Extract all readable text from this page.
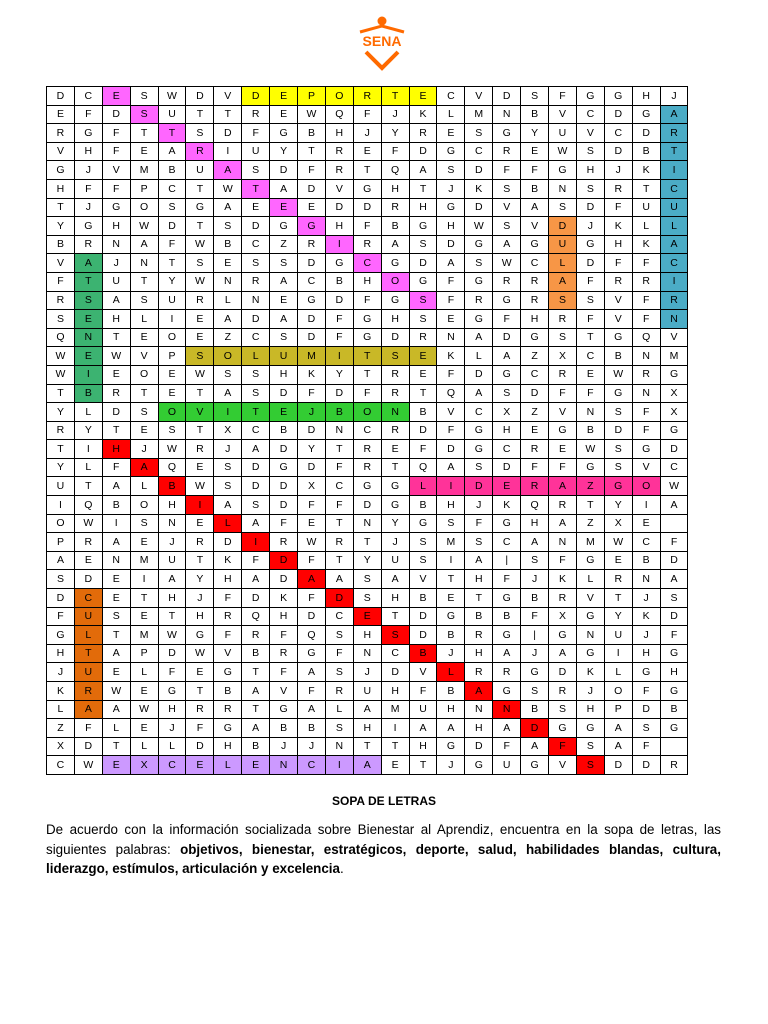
SENA
D	C	E	S	W	D	V	D	E	P	O	R	T	E	C	V	D	S	F	G	G	H	J
E	F	D	S	U	T	T	R	E	W	Q	F	J	K	L	M	N	B	V	C	D	G	A
R	G	F	T	T	S	D	F	G	B	H	J	Y	R	E	S	G	Y	U	V	C	D	R
V	H	F	E	A	R	I	U	Y	T	R	E	F	D	G	C	R	E	W	S	D	B	T
G	J	V	M	B	U	A	S	D	F	R	T	Q	A	S	D	F	F	G	H	J	K	I
H	F	F	P	C	T	W	T	A	D	V	G	H	T	J	K	S	B	N	S	R	T	C
T	J	G	O	S	G	A	E	E	E	D	D	R	H	G	D	V	A	S	D	F	U	U
Y	G	H	W	D	T	S	D	G	G	H	F	B	G	H	W	S	V	D	J	K	L	L
B	R	N	A	F	W	B	C	Z	R	I	R	A	S	D	G	A	G	U	G	H	K	A
V	A	J	N	T	S	E	S	S	D	G	C	G	D	A	S	W	C	L	D	F	F	C
F	T	U	T	Y	W	N	R	A	C	B	H	O	G	F	G	R	R	A	F	R	R	I
R	S	A	S	U	R	L	N	E	G	D	F	G	S	F	R	G	R	S	S	V	F	R
S	E	H	L	I	E	A	D	A	D	F	G	H	S	E	G	F	H	R	F	V	F	N
Q	N	T	E	O	E	Z	C	S	D	F	G	D	R	N	A	D	G	S	T	G	Q	V
W	E	W	V	P	S	O	L	U	M	I	T	S	E	K	L	A	Z	X	C	B	N	M
W	I	E	O	E	W	S	S	H	K	Y	T	R	E	F	D	G	C	R	E	W	R	G
T	B	R	T	E	T	A	S	D	F	D	F	R	T	Q	A	S	D	F	F	G	N	X
Y	L	D	S	O	V	I	T	E	J	B	O	N	B	V	C	X	Z	V	N	S	F	X
R	Y	T	E	S	T	X	C	B	D	N	C	R	D	F	G	H	E	G	B	D	F	G
T	I	H	J	W	R	J	A	D	Y	T	R	E	F	D	G	C	R	E	W	S	G	D
Y	L	F	A	Q	E	S	D	G	D	F	R	T	Q	A	S	D	F	F	G	S	V	C
U	T	A	L	B	W	S	D	D	X	C	G	G	L	I	D	E	R	A	Z	G	O	W
I	Q	B	O	H	I	A	S	D	F	F	D	G	B	H	J	K	Q	R	T	Y	I	A
O	W	I	S	N	E	L	A	F	E	T	N	Y	G	S	F	G	H	A	Z	X	E	
P	R	A	E	J	R	D	I	R	W	R	T	J	S	M	S	C	A	N	M	W	C	F
A	E	N	M	U	T	K	F	D	F	T	Y	U	S	I	A	|	S	F	G	E	B	D
S	D	E	I	A	Y	H	A	D	A	A	S	A	V	T	H	F	J	K	L	R	N	A
D	C	E	T	H	J	F	D	K	F	D	S	H	B	E	T	G	B	R	V	T	J	S
F	U	S	E	T	H	R	Q	H	D	C	E	T	D	G	B	B	F	X	G	Y	K	D
G	L	T	M	W	G	F	R	F	Q	S	H	S	D	B	R	G	|	G	N	U	J	F
H	T	A	P	D	W	V	B	R	G	F	N	C	B	J	H	A	J	A	G	I	H	G
J	U	E	L	F	E	G	T	F	A	S	J	D	V	L	R	R	G	D	K	L	G	H
K	R	W	E	G	T	B	A	V	F	R	U	H	F	B	A	G	S	R	J	O	F	G
L	A	A	W	H	R	R	T	G	A	L	A	M	U	H	N	N	B	S	H	P	D	B
Z	F	L	E	J	F	G	A	B	B	S	H	I	A	A	H	A	D	G	G	A	S	G
X	D	T	L	L	D	H	B	J	J	N	T	T	H	G	D	F	A	F	S	A	F	
C	W	E	X	C	E	L	E	N	C	I	A	E	T	J	G	U	G	V	S	D	D	R
SOPA DE LETRAS
De acuerdo con la información socializada sobre Bienestar al Aprendiz, encuentra en la sopa de letras, las siguientes palabras: objetivos, bienestar, estratégicos, deporte, salud, habilidades blandas, cultura, liderazgo, estímulos, articulación y excelencia.
